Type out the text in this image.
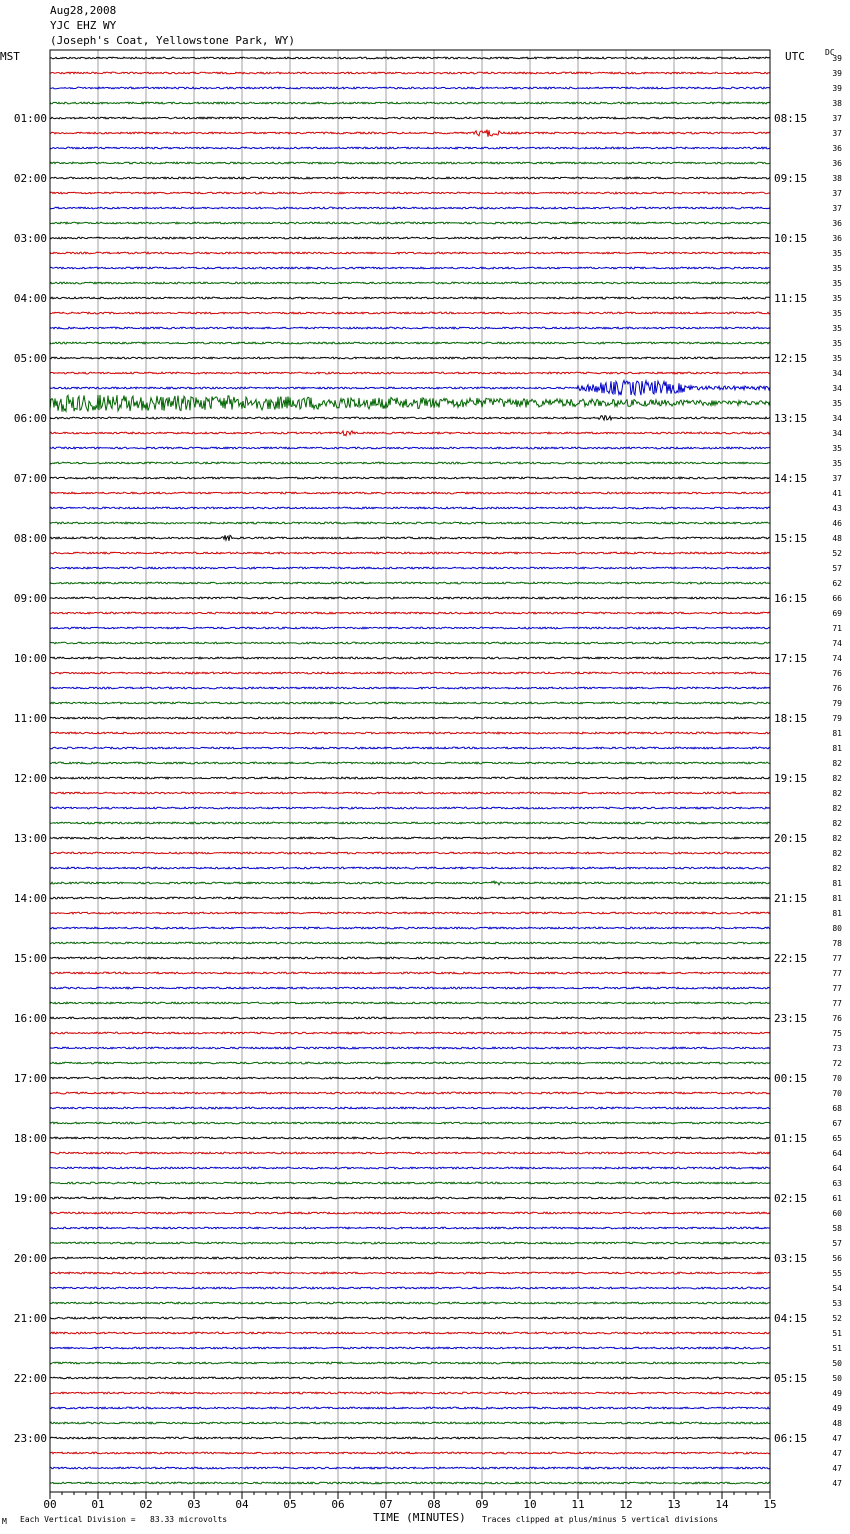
39
39
39
38
37
37
36
36
38
37
37
36
36
35
35
35
35
35
35
35
35
34
34
35
34
34
35
35
37
41
43
46
48
52
57
62
66
69
71
74
74
76
76
79
79
81
81
82
82
82
82
82
82
82
82
81
81
81
80
78
77
77
77
77
76
75
73
72
70
70
68
67
65
64
64
63
61
60
58
57
56
55
54
53
52
51
51
50
50
49
49
48
47
47
47
47
01:00
02:00
03:00
04:00
05:00
06:00
07:00
08:00
09:00
10:00
11:00
12:00
13:00
14:00
15:00
16:00
17:00
18:00
19:00
20:00
21:00
22:00
23:00
08:15
09:15
10:15
11:15
12:15
13:15
14:15
15:15
16:15
17:15
18:15
19:15
20:15
21:15
22:15
23:15
00:15
01:15
02:15
03:15
04:15
05:15
06:15
00	01	02	03	04	05	06	07	08	09	10	11	12	13	14	15
Aug28,2008
YJC EHZ WY
(Joseph's Coat, Yellowstone Park, WY)
MST	UTC	DC
TIME (MINUTES)
M Each Vertical Division =   83.33 microvolts	Traces clipped at plus/minus 5 vertical divisions
